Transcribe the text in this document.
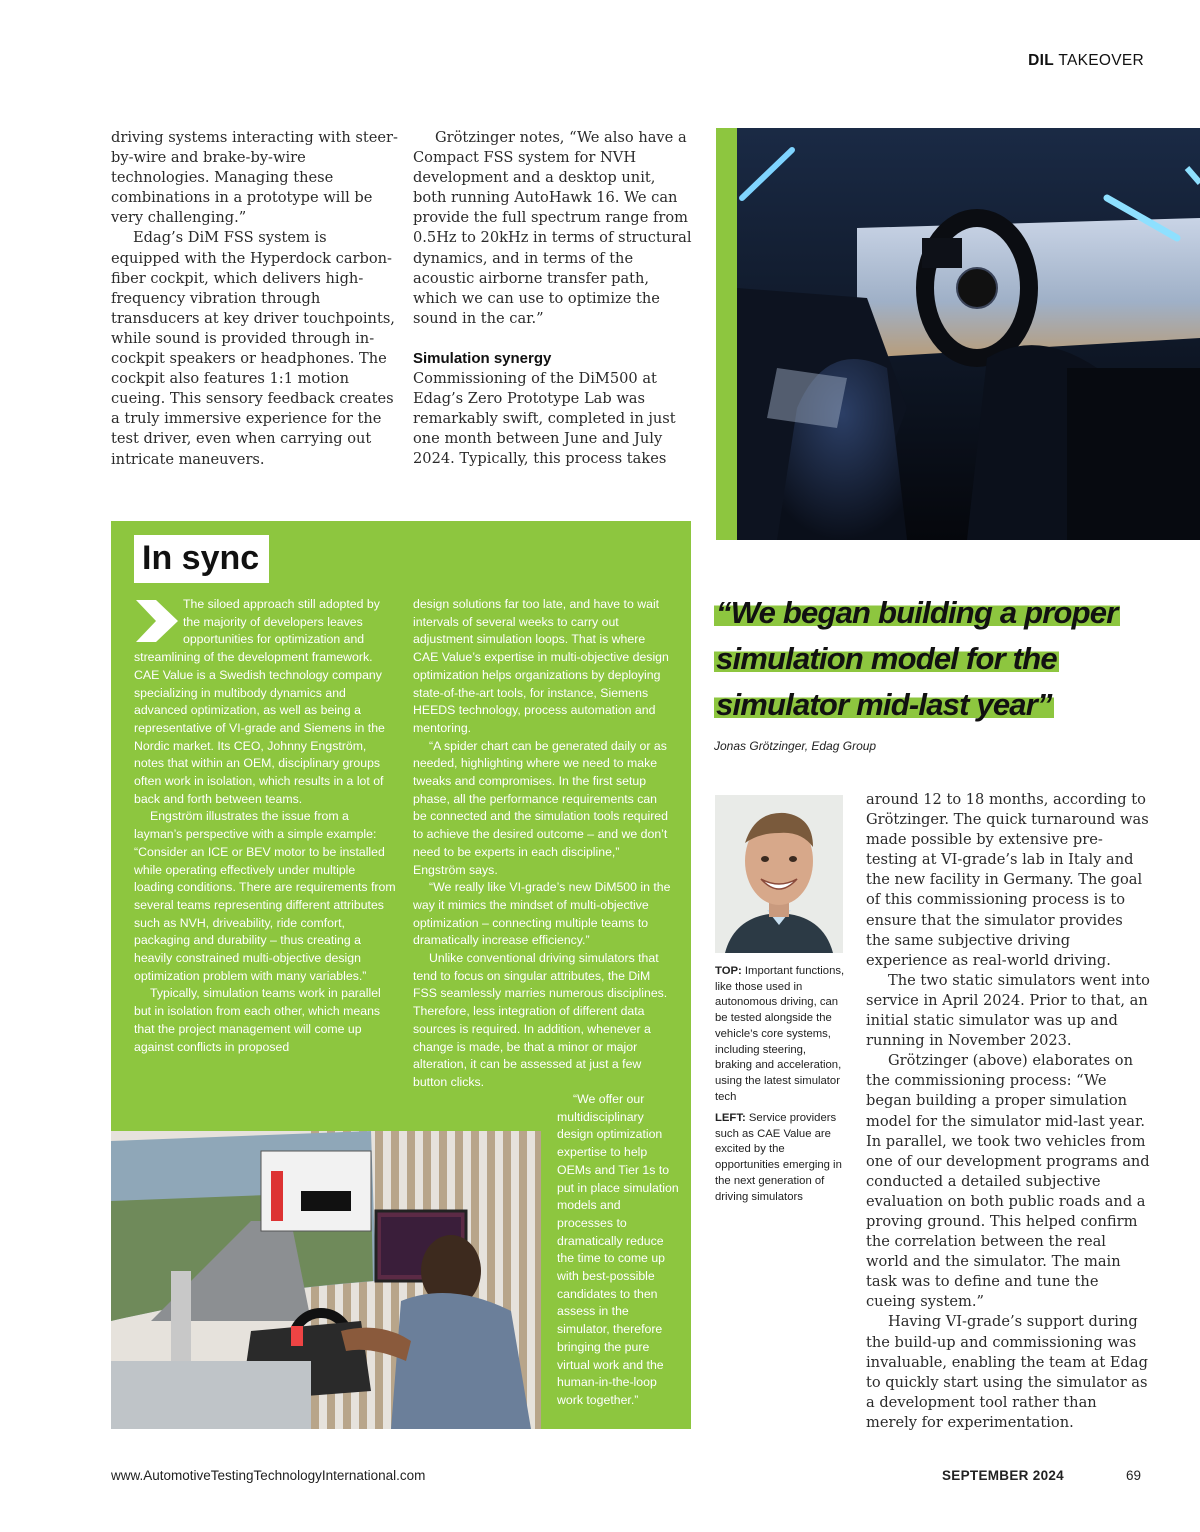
DIL TAKEOVER

driving systems interacting with steer-by-wire and brake-by-wire technologies. Managing these combinations in a prototype will be very challenging.”

Edag’s DiM FSS system is equipped with the Hyperdock carbon-fiber cockpit, which delivers high-frequency vibration through transducers at key driver touchpoints, while sound is provided through in-cockpit speakers or headphones. The cockpit also features 1:1 motion cueing. This sensory feedback creates a truly immersive experience for the test driver, even when carrying out intricate maneuvers.

Grötzinger notes, “We also have a Compact FSS system for NVH development and a desktop unit, both running AutoHawk 16. We can provide the full spectrum range from 0.5Hz to 20kHz in terms of structural dynamics, and in terms of the acoustic airborne transfer path, which we can use to optimize the sound in the car.”

Simulation synergy

Commissioning of the DiM500 at Edag’s Zero Prototype Lab was remarkably swift, completed in just one month between June and July 2024. Typically, this process takes

In sync
The siloed approach still adopted by the majority of developers leaves opportunities for optimization and

streamlining of the development framework. CAE Value is a Swedish technology company specializing in multibody dynamics and advanced optimization, as well as being a representative of VI-grade and Siemens in the Nordic market. Its CEO, Johnny Engström, notes that within an OEM, disciplinary groups often work in isolation, which results in a lot of back and forth between teams.

Engström illustrates the issue from a layman’s perspective with a simple example: “Consider an ICE or BEV motor to be installed while operating effectively under multiple loading conditions. There are requirements from several teams representing different attributes such as NVH, driveability, ride comfort, packaging and durability – thus creating a heavily constrained multi-objective design optimization problem with many variables.”

Typically, simulation teams work in parallel but in isolation from each other, which means that the project management will come up against conflicts in proposed

design solutions far too late, and have to wait intervals of several weeks to carry out adjustment simulation loops. That is where CAE Value’s expertise in multi-objective design optimization helps organizations by deploying state-of-the-art tools, for instance, Siemens HEEDS technology, process automation and mentoring.

“A spider chart can be generated daily or as needed, highlighting where we need to make tweaks and compromises. In the first setup phase, all the performance requirements can be connected and the simulation tools required to achieve the desired outcome – and we don’t need to be experts in each discipline,” Engström says.

“We really like VI-grade’s new DiM500 in the way it mimics the mindset of multi-objective optimization – connecting multiple teams to dramatically increase efficiency.”

Unlike conventional driving simulators that tend to focus on singular attributes, the DiM FSS seamlessly marries numerous disciplines. Therefore, less integration of different data sources is required. In addition, whenever a change is made, be that a minor or major alteration, it can be assessed at just a few button clicks.

“We offer our multidisciplinary design optimization expertise to help OEMs and Tier 1s to put in place simulation models and processes to dramatically reduce the time to come up with best-possible candidates to then assess in the simulator, therefore bringing the pure virtual work and the human-in-the-loop work together.”

“We began building a proper
simulation model for the
simulator mid-last year”
Jonas Grötzinger, Edag Group
TOP: Important functions, like those used in autonomous driving, can be tested alongside the vehicle’s core systems, including steering, braking and acceleration, using the latest simulator tech
LEFT: Service providers such as CAE Value are excited by the opportunities emerging in the next generation of driving simulators

around 12 to 18 months, according to Grötzinger. The quick turnaround was made possible by extensive pre-testing at VI-grade’s lab in Italy and the new facility in Germany. The goal of this commissioning process is to ensure that the simulator provides the same subjective driving experience as real-world driving.

The two static simulators went into service in April 2024. Prior to that, an initial static simulator was up and running in November 2023.

Grötzinger (above) elaborates on the commissioning process: “We began building a proper simulation model for the simulator mid-last year. In parallel, we took two vehicles from one of our development programs and conducted a detailed subjective evaluation on both public roads and a proving ground. This helped confirm the correlation between the real world and the simulator. The main task was to define and tune the cueing system.”

Having VI-grade’s support during the build-up and commissioning was invaluable, enabling the team at Edag to quickly start using the simulator as a development tool rather than merely for experimentation.

www.AutomotiveTestingTechnologyInternational.com	SEPTEMBER 2024	69
